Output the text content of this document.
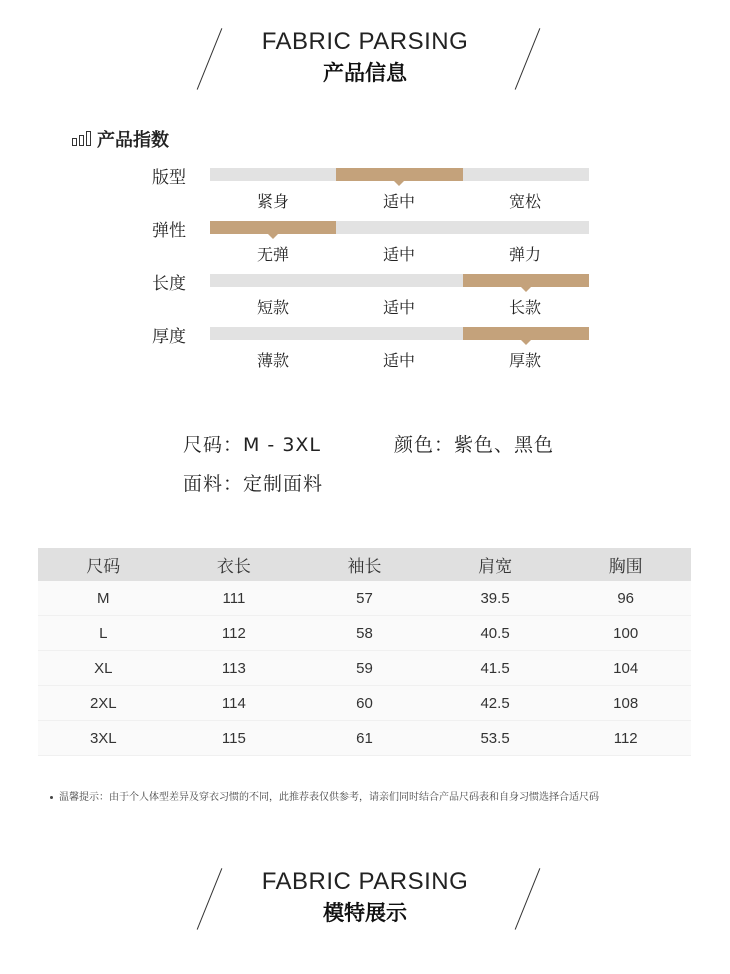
FABRIC PARSING
产品信息
产品指数
版型
紧身	适中	宽松
弹性
无弹	适中	弹力
长度
短款	适中	长款
厚度
薄款	适中	厚款
尺码：M - 3XL	颜色：紫色、黑色
面料：定制面料
尺码	衣长	袖长	肩宽	胸围
M	111	57	39.5	96
L	112	58	40.5	100
XL	113	59	41.5	104
2XL	114	60	42.5	108
3XL	115	61	53.5	112
温馨提示：由于个人体型差异及穿衣习惯的不同，此推荐表仅供参考，请亲们同时结合产品尺码表和自身习惯选择合适尺码
FABRIC PARSING
模特展示
